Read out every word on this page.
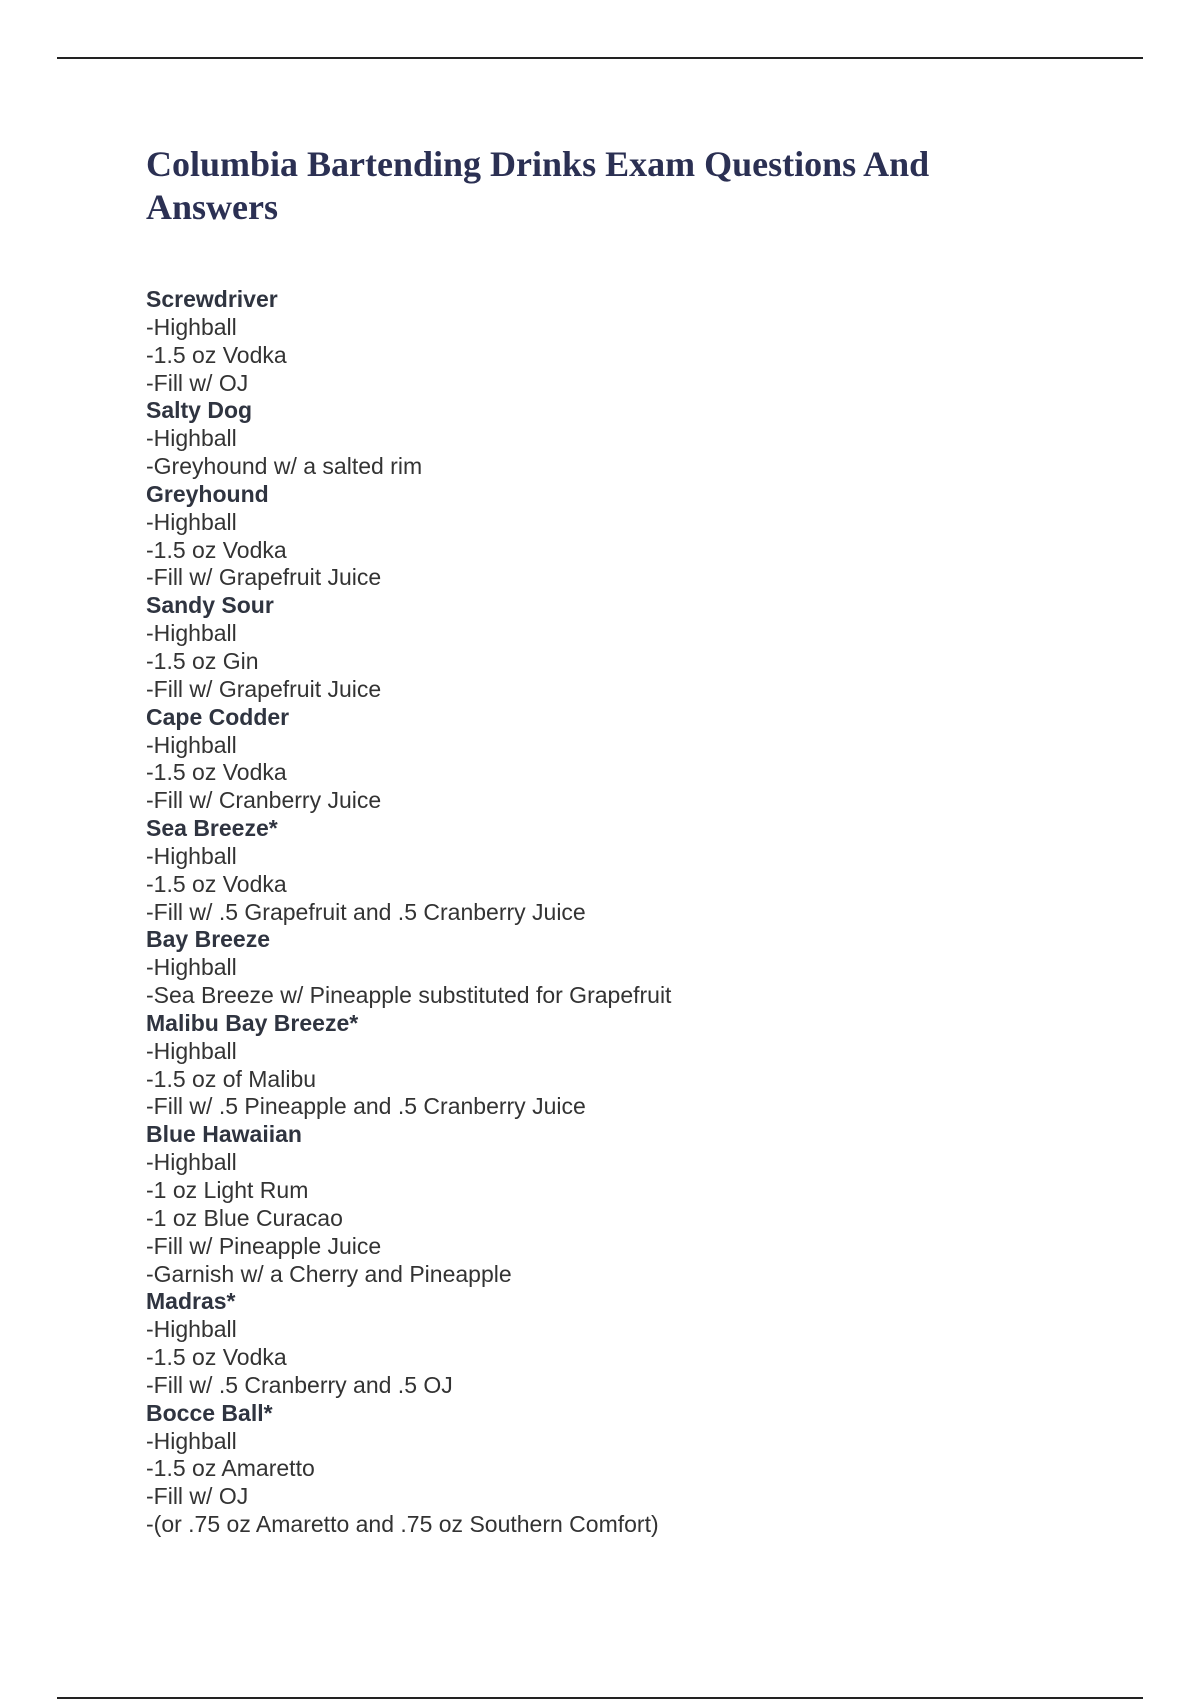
Columbia Bartending Drinks Exam Questions And Answers
Screwdriver
-Highball
-1.5 oz Vodka
-Fill w/ OJ
Salty Dog
-Highball
-Greyhound w/ a salted rim
Greyhound
-Highball
-1.5 oz Vodka
-Fill w/ Grapefruit Juice
Sandy Sour
-Highball
-1.5 oz Gin
-Fill w/ Grapefruit Juice
Cape Codder
-Highball
-1.5 oz Vodka
-Fill w/ Cranberry Juice
Sea Breeze*
-Highball
-1.5 oz Vodka
-Fill w/ .5 Grapefruit and .5 Cranberry Juice
Bay Breeze
-Highball
-Sea Breeze w/ Pineapple substituted for Grapefruit
Malibu Bay Breeze*
-Highball
-1.5 oz of Malibu
-Fill w/ .5 Pineapple and .5 Cranberry Juice
Blue Hawaiian
-Highball
-1 oz Light Rum
-1 oz Blue Curacao
-Fill w/ Pineapple Juice
-Garnish w/ a Cherry and Pineapple
Madras*
-Highball
-1.5 oz Vodka
-Fill w/ .5 Cranberry and .5 OJ
Bocce Ball*
-Highball
-1.5 oz Amaretto
-Fill w/ OJ
-(or .75 oz Amaretto and .75 oz Southern Comfort)
